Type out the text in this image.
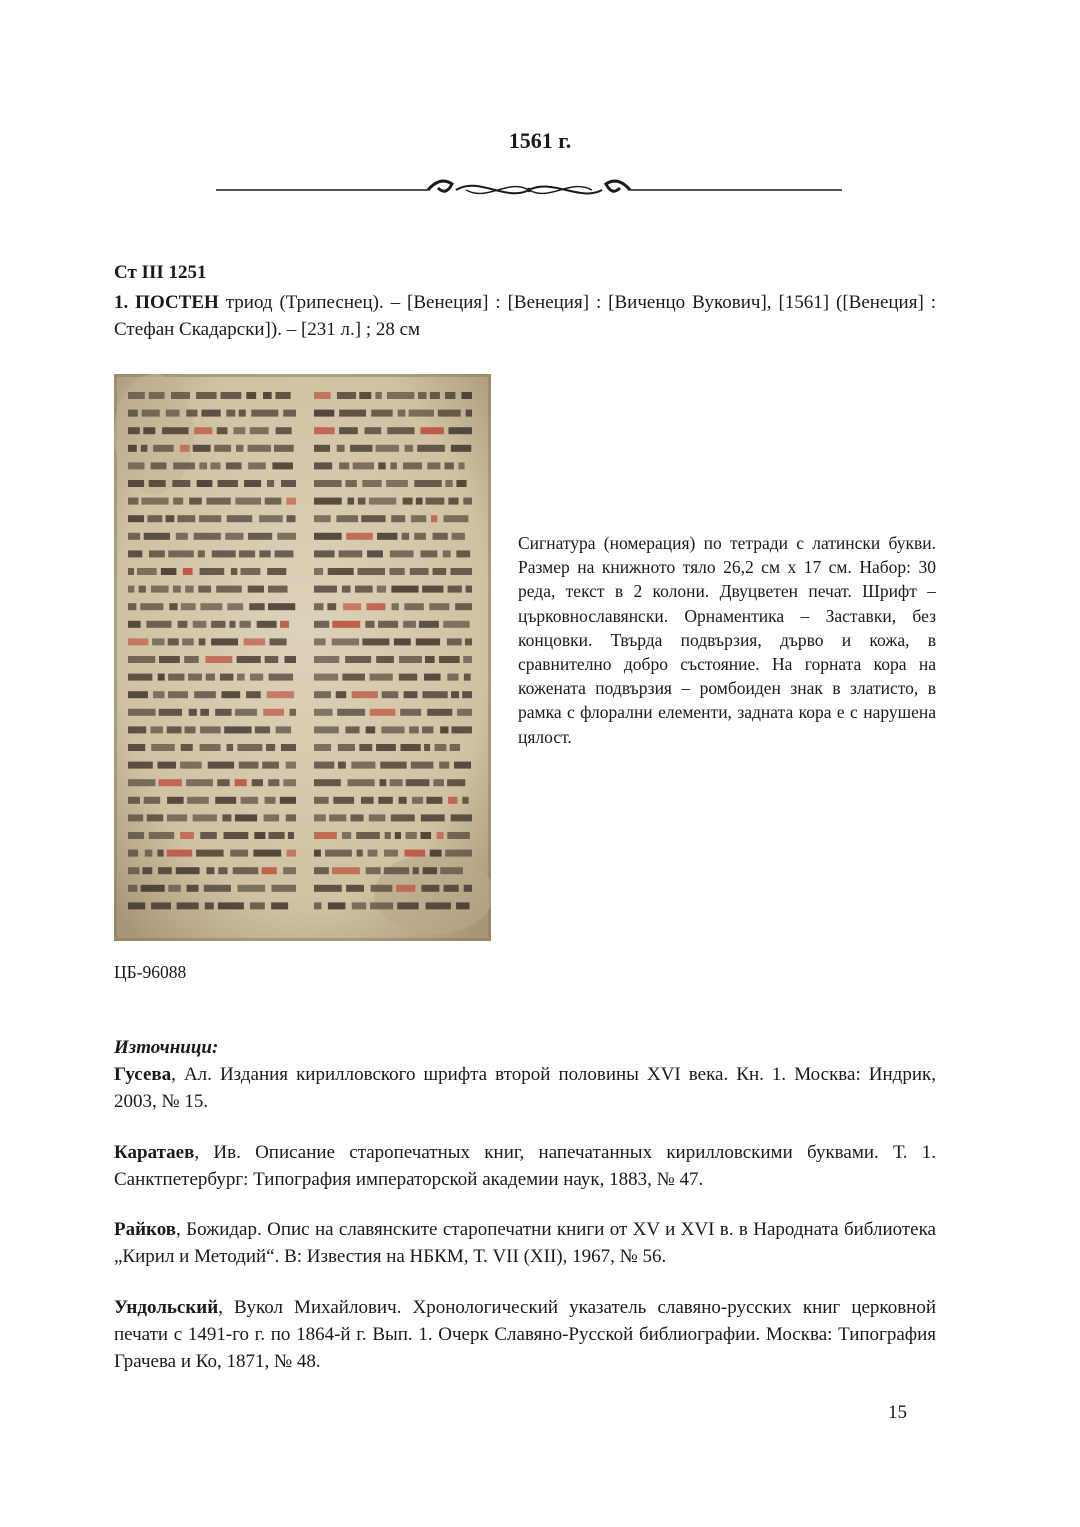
1561 г.
Ст III 1251
1. ПОСТЕН триод (Трипеснец). – [Венеция] : [Венеция] : [Виченцо Вукович], [1561] ([Венеция] : Стефан Скадарски]). – [231 л.] ; 28 см
Сигнатура (номерация) по тетради с латински букви. Размер на книжното тяло 26,2 см х 17 см. Набор: 30 реда, текст в 2 колони. Двуцветен печат. Шрифт – църковнославянски. Орнаментика – Заставки, без концовки. Твърда подвързия, дърво и кожа, в сравнително добро състояние. На горната кора на кожената подвързия – ромбоиден знак в златисто, в рамка с флорални елементи, задната кора е с нарушена цялост.
ЦБ-96088
Източници:
Гусева, Ал. Издания кирилловского шрифта второй половины XVI века. Кн. 1. Москва: Индрик, 2003, № 15.
Каратаев, Ив. Описание старопечатных книг, напечатанных кирилловскими буквами. Т. 1. Санктпетербург: Типография императорской академии наук, 1883, № 47.
Райков, Божидар. Опис на славянските старопечатни книги от XV и XVI в. в Народната библиотека „Кирил и Методий“. В: Известия на НБКМ, Т. VII (XII), 1967, № 56.
Ундольский, Вукол Михайлович. Хронологический указатель славяно-русских книг церковной печати с 1491-го г. по 1864-й г. Вып. 1. Очерк Славяно-Русской библиографии. Москва: Типография Грачева и Ко, 1871, № 48.
15
